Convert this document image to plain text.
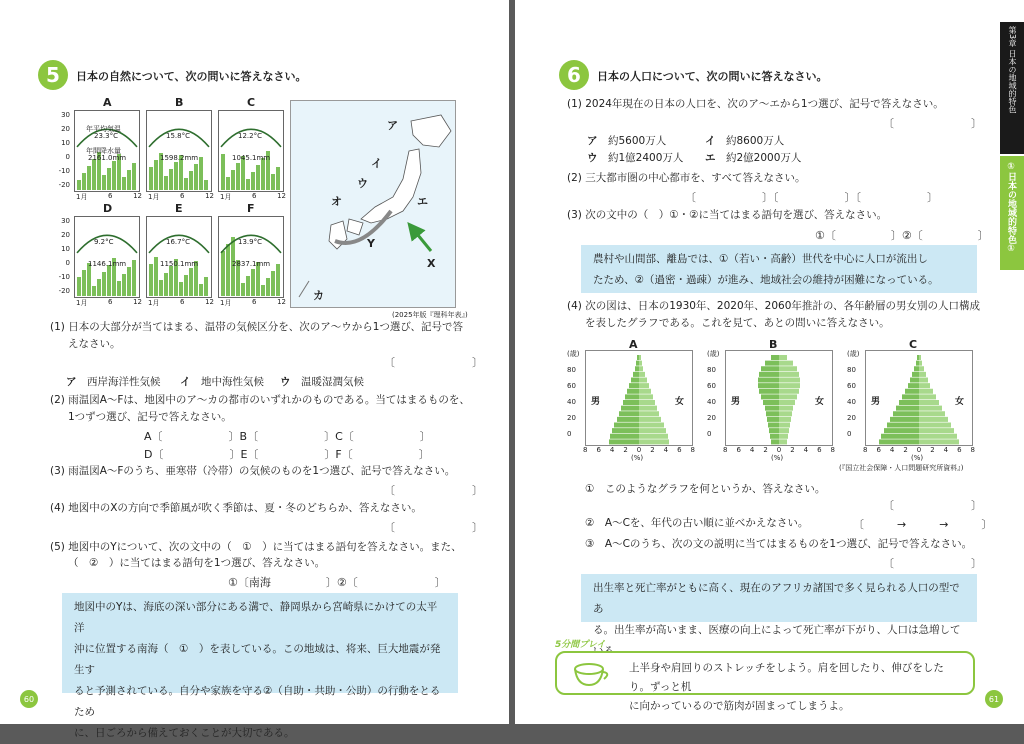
5	日本の自然について、次の問いに答えなさい。
A
23.3°C
2161.0mm
年平均気温
年間降水量
1月	6	12
B
15.8°C
1598.2mm
1月	6	12
C
12.2°C
1045.1mm
1月	6	12
D
9.2°C
1146.1mm
1月	6	12
E
16.7°C
1150.1mm
1月	6	12
F
13.9°C
2837.1mm
1月	6	12
30
20
10
0
-10
-20
30
20
10
0
-10
-20
ア
イ
ウ
エ
オ
カ
X
Y
(2025年版『理科年表』)
(1) 日本の大部分が当てはまる、温帯の気候区分を、次のア～ウから1つ選び、記号で答
えなさい。
〔　　　　　　　〕
ア　 西岸海洋性気候 イ　 地中海性気候 ウ　 温暖湿潤気候
(2) 雨温図A～Fは、地図中のア～カの都市のいずれかのものである。当てはまるものを、
1つずつ選び、記号で答えなさい。
A〔　　　　　　〕B〔　　　　　　〕C〔　　　　　　〕
D〔　　　　　　〕E〔　　　　　　〕F〔　　　　　　〕
(3) 雨温図A～Fのうち、亜寒帯（冷帯）の気候のものを1つ選び、記号で答えなさい。
〔　　　　　　　〕
(4) 地図中のXの方向で季節風が吹く季節は、夏・冬のどちらか、答えなさい。
〔　　　　　　　〕
(5) 地図中のYについて、次の文中の（　①　）に当てはまる語句を答えなさい。また、
（　②　）に当てはまる語句を1つ選び、答えなさい。
①〔南海　　　　　〕②〔　　　　　　　〕
地図中のYは、海底の深い部分にある溝で、静岡県から宮崎県にかけての太平洋
沖に位置する南海（　①　）を表している。この地域は、将来、巨大地震が発生す
ると予測されている。自分や家族を守る②（自助・共助・公助）の行動をとるため
に、日ごろから備えておくことが大切である。
60
6	日本の人口について、次の問いに答えなさい。
(1) 2024年現在の日本の人口を、次のア～エから1つ選び、記号で答えなさい。
〔　　　　　　　〕
ア　 約5600万人	イ　 約8600万人
ウ　 約1億2400万人 エ　 約2億2000万人
(2) 三大都市圏の中心都市を、すべて答えなさい。
〔　　　　　　〕〔　　　　　　〕〔　　　　　　〕
(3) 次の文中の（　）①・②に当てはまる語句を選び、答えなさい。
①〔　　　　　〕②〔　　　　　〕
農村や山間部、離島では、①（若い・高齢）世代を中心に人口が流出し
たため、②（過密・過疎）が進み、地域社会の維持が困難になっている。
(4) 次の図は、日本の1930年、2020年、2060年推計の、各年齢層の男女別の人口構成
を表したグラフである。これを見て、あとの問いに答えなさい。
A
男	女
(歳)
80
60
40
20
0
8 6 4 2 0 2 4 6 8
(%)
B
男	女
(歳)
80
60
40
20
0
8 6 4 2 0 2 4 6 8
(%)
C
男	女
(歳)
80
60
40
20
0
8 6 4 2 0 2 4 6 8
(%)
(『国立社会保障・人口問題研究所資料』)
①　このようなグラフを何というか、答えなさい。
〔　　　　　　　〕
②　A～Cを、年代の古い順に並べかえなさい。	〔　　　→　　　→　　　〕
③　A～Cのうち、次の文の説明に当てはまるものを1つ選び、記号で答えなさい。
〔　　　　　　　〕
出生率と死亡率がともに高く、現在のアフリカ諸国で多く見られる人口の型であ
る。出生率が高いまま、医療の向上によって死亡率が下がり、人口は急増して
5分間プレイ
上半身や肩回りのストレッチをしよう。肩を回したり、伸びをしたり。ずっと机
に向かっているので筋肉が固まってしまうよ。
61
第3章 日本の地域的特色
①日本の地域的特色①
